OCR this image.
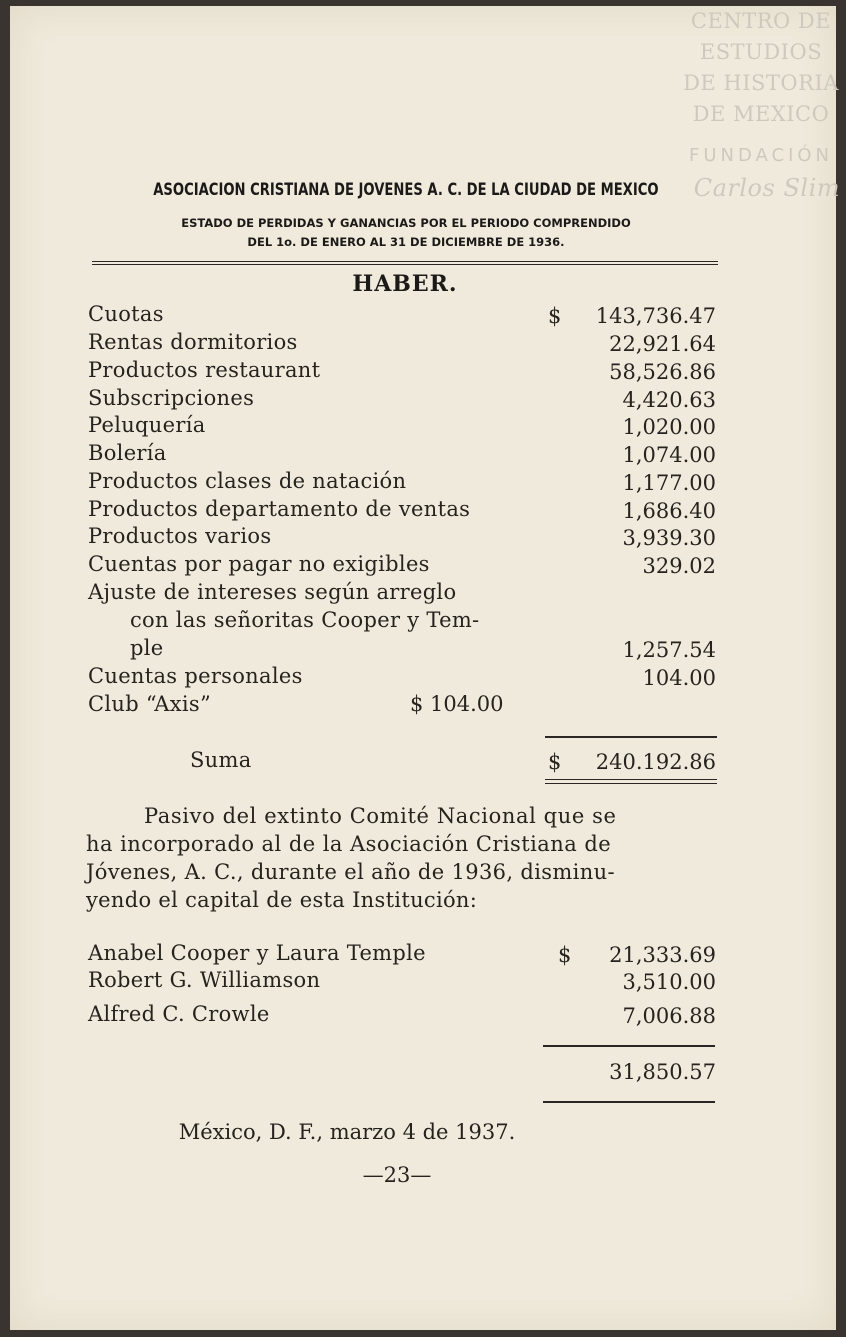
CENTRO DE
ESTUDIOS
DE HISTORIA
DE MEXICO
FUNDACIÓN
Carlos Slim
ASOCIACION CRISTIANA DE JOVENES A. C. DE LA CIUDAD DE MEXICO
ESTADO DE PERDIDAS Y GANANCIAS POR EL PERIODO COMPRENDIDO
DEL 1o. DE ENERO AL 31 DE DICIEMBRE DE 1936.
HABER.
Cuotas	$ 143,736.47
Rentas dormitorios	22,921.64
Productos restaurant	58,526.86
Subscripciones	4,420.63
Peluquería	1,020.00
Bolería	1,074.00
Productos clases de natación	1,177.00
Productos departamento de ventas	1,686.40
Productos varios	3,939.30
Cuentas por pagar no exigibles	329.02
Ajuste de intereses según arreglo
con las señoritas Cooper y Tem-
ple	1,257.54
Cuentas personales	104.00
Club “Axis”	$ 104.00
Suma	$ 240.192.86
Pasivo del extinto Comité Nacional que se
ha incorporado al de la Asociación Cristiana de
Jóvenes, A. C., durante el año de 1936, disminu-
yendo el capital de esta Institución:
Anabel Cooper y Laura Temple	$ 21,333.69
Robert G. Williamson	3,510.00
Alfred C. Crowle	7,006.88
31,850.57
México, D. F., marzo 4 de 1937.
—23—
